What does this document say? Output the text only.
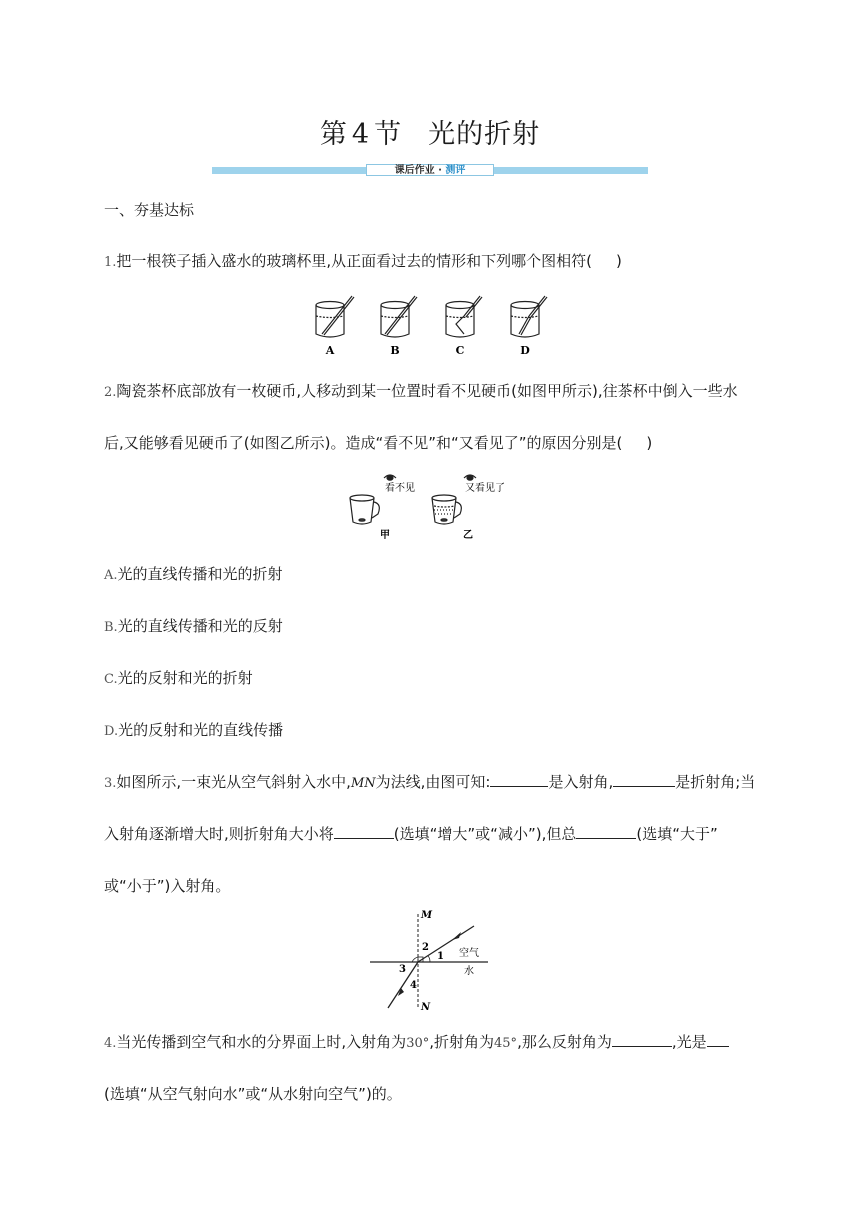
第 4 节 光的折射
课后作业 · 测评
一、夯基达标
1.把一根筷子插入盛水的玻璃杯里,从正面看过去的情形和下列哪个图相符( )
A	B	C	D
2.陶瓷茶杯底部放有一枚硬币,人移动到某一位置时看不见硬币(如图甲所示),往茶杯中倒入一些水
后,又能够看见硬币了(如图乙所示)。造成“看不见”和“又看见了”的原因分别是( )
看不见	又看见了
甲	乙
A.光的直线传播和光的折射
B.光的直线传播和光的反射
C.光的反射和光的折射
D.光的反射和光的直线传播
3.如图所示,一束光从空气斜射入水中,MN为法线,由图可知:	是入射角,	是折射角;当
入射角逐渐增大时,则折射角大小将	(选填“增大”或“减小”),但总	(选填“大于”
或“小于”)入射角。
M
N
2
1
3
4
空气
水
4.当光传播到空气和水的分界面上时,入射角为30°,折射角为45°,那么反射角为	,光是
(选填“从空气射向水”或“从水射向空气”)的。
